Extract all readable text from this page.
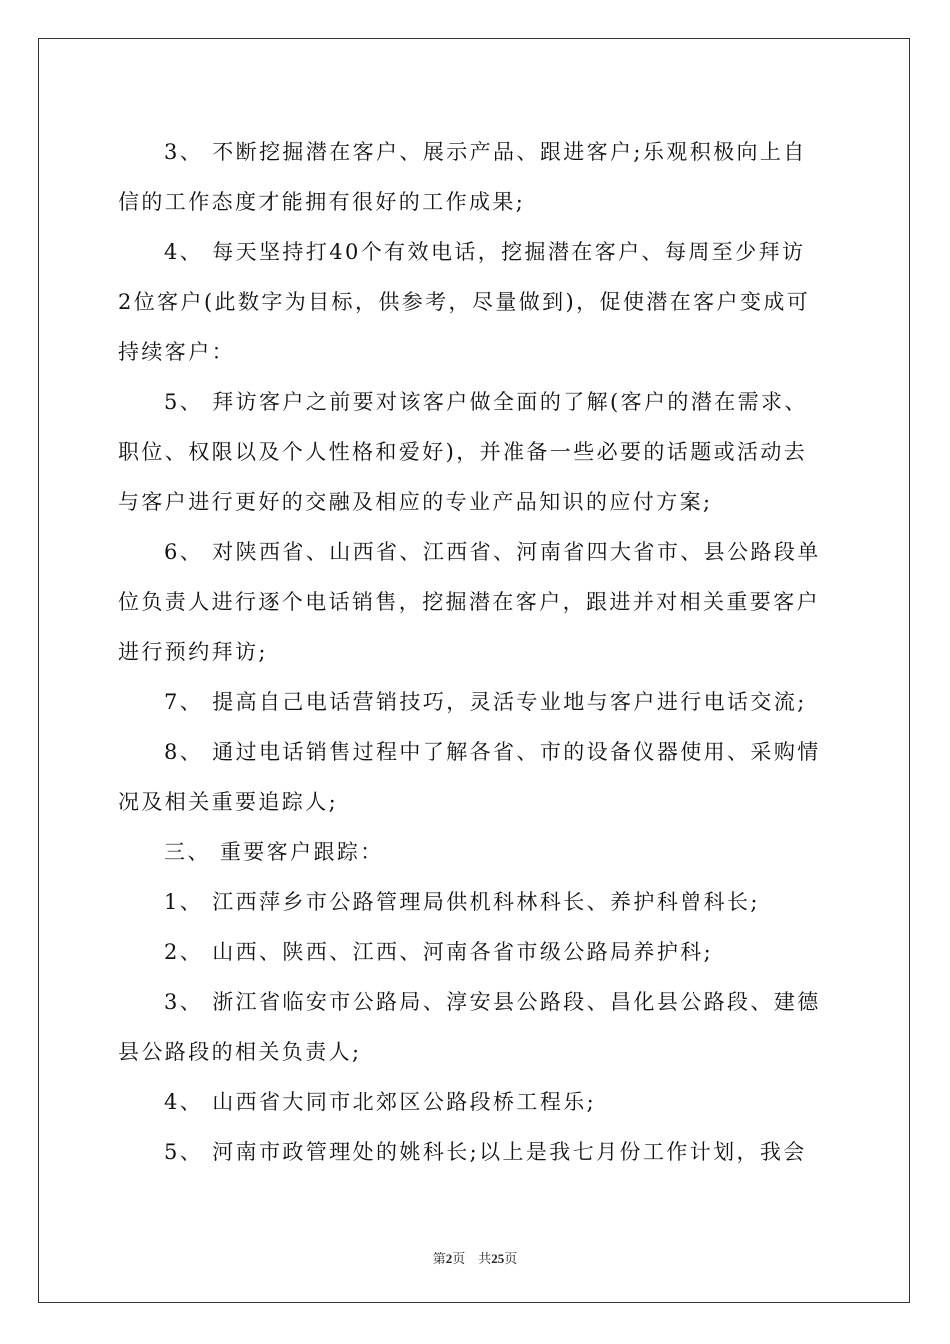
3、 不断挖掘潜在客户、展示产品、跟进客户;乐观积极向上自
信的工作态度才能拥有很好的工作成果;
4、 每天坚持打40个有效电话，挖掘潜在客户、每周至少拜访
2位客户(此数字为目标，供参考，尽量做到)，促使潜在客户变成可
持续客户：
5、 拜访客户之前要对该客户做全面的了解(客户的潜在需求、
职位、权限以及个人性格和爱好)，并准备一些必要的话题或活动去
与客户进行更好的交融及相应的专业产品知识的应付方案;
6、 对陕西省、山西省、江西省、河南省四大省市、县公路段单
位负责人进行逐个电话销售，挖掘潜在客户，跟进并对相关重要客户
进行预约拜访;
7、 提高自己电话营销技巧，灵活专业地与客户进行电话交流;
8、 通过电话销售过程中了解各省、市的设备仪器使用、采购情
况及相关重要追踪人;
三、 重要客户跟踪：
1、 江西萍乡市公路管理局供机科林科长、养护科曾科长;
2、 山西、陕西、江西、河南各省市级公路局养护科;
3、 浙江省临安市公路局、淳安县公路段、昌化县公路段、建德
县公路段的相关负责人;
4、 山西省大同市北郊区公路段桥工程乐;
5、 河南市政管理处的姚科长;以上是我七月份工作计划，我会
第2页　共25页
